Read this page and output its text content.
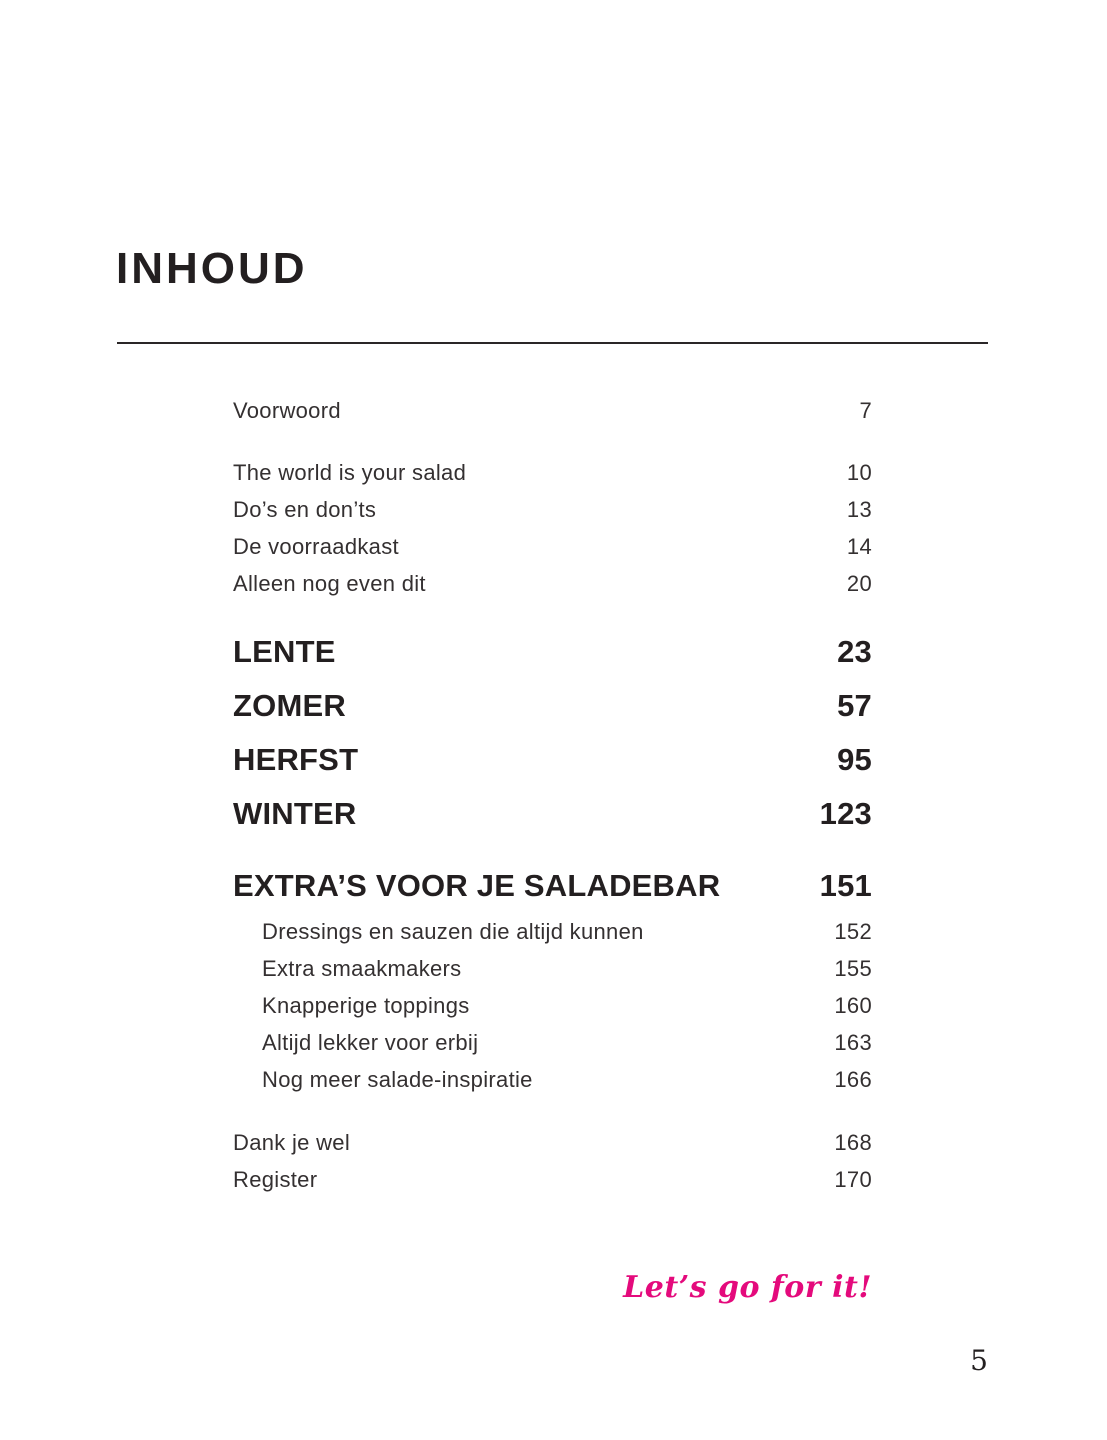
INHOUD
Voorwoord	7
The world is your salad	10
Do’s en don’ts	13
De voorraadkast	14
Alleen nog even dit	20
LENTE	23
ZOMER	57
HERFST	95
WINTER	123
EXTRA’S VOOR JE SALADEBAR	151
Dressings en sauzen die altijd kunnen	152
Extra smaakmakers	155
Knapperige toppings	160
Altijd lekker voor erbij	163
Nog meer salade-inspiratie	166
Dank je wel	168
Register	170
Let’s go for it!
5
